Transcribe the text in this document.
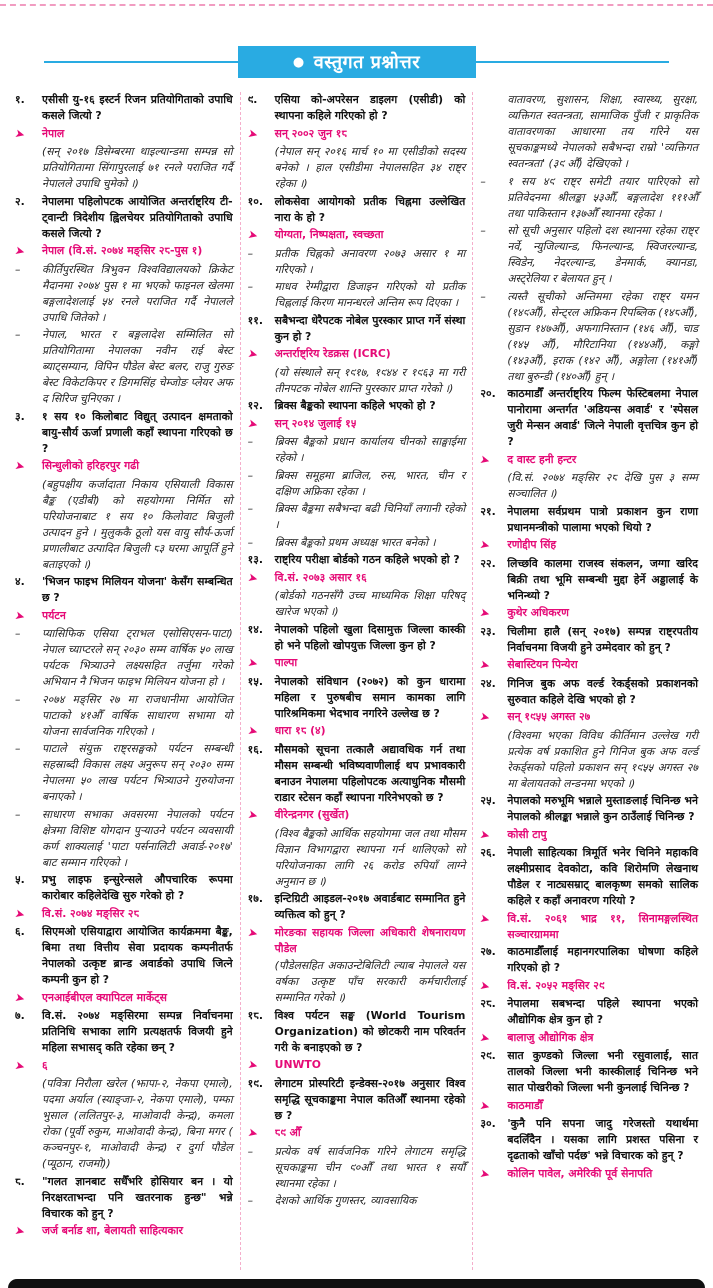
● वस्तुगत प्रश्नोत्तर
१.	एसीसी यु-१६ इस्टर्न रिजन प्रतियोगिताको उपाधि कसले जित्यो ?
➤	नेपाल
(सन् २०१७ डिसेम्बरमा थाइल्यान्डमा सम्पन्न सो प्रतियोगितामा सिंगापुरलाई ७१ रनले पराजित गर्दै नेपालले उपाधि चुमेको ।)
२.	नेपालमा पहिलोपटक आयोजित अन्तर्राष्ट्रिय टी-ट्वान्टी त्रिदेशीय ह्विलचेयर प्रतियोगिताको उपाधि कसले जित्यो ?
➤	नेपाल (वि.सं. २०७४ मङ्सिर २८-पुस १)
–	कीर्तिपुरस्थित त्रिभुवन विश्वविद्यालयको क्रिकेट मैदानमा २०७४ पुस १ मा भएको फाइनल खेलमा बङ्गलादेशलाई ५४ रनले पराजित गर्दै नेपालले उपाधि जितेको ।
–	नेपाल, भारत र बङ्गलादेश सम्मिलित सो प्रतियोगितामा नेपालका नवीन राई बेस्ट ब्याट्सम्यान, विपिन पौडेल बेस्ट बलर, राजु गुरुङ बेस्ट विकेटकिपर र डिगमसिंह चेम्जोङ प्लेयर अफ द सिरिज चुनिएका ।
३.	१ सय १० किलोबाट विद्युत् उत्पादन क्षमताको बायु-सौर्य ऊर्जा प्रणाली कहाँ स्थापना गरिएको छ ?
➤	सिन्धुलीको हरिहरपुर गढी
(बहुपक्षीय कर्जादाता निकाय एसियाली विकास बैङ्क (एडीबी) को सहयोगमा निर्मित सो परियोजनाबाट १ सय १० किलोवाट बिजुली उत्पादन हुने । मुलुककै ठूलो यस वायु सौर्य-ऊर्जा प्रणालीबाट उत्पादित बिजुली ८३ घरमा आपूर्ति हुने बताइएको ।)
४.	'भिजन फाइभ मिलियन योजना' केसँग सम्बन्धित छ ?
➤	पर्यटन
–	प्यासिफिक एसिया ट्राभल एसोसिएसन-पाटा) नेपाल च्याप्टरले सन् २०३० सम्म वार्षिक ५० लाख पर्यटक भित्र्याउने लक्ष्यसहित तर्जुमा गरेको अभियान नै भिजन फाइभ मिलियन योजना हो ।
–	२०७४ मङ्सिर २७ मा राजधानीमा आयोजित पाटाको ४१औँ वार्षिक साधारण सभामा यो योजना सार्वजनिक गरिएको ।
–	पाटाले संयुक्त राष्ट्रसङ्घको पर्यटन सम्बन्धी सहस्राब्दी विकास लक्ष्य अनुरूप सन् २०३० सम्म नेपालमा ५० लाख पर्यटन भित्र्याउने गुरुयोजना बनाएको ।
–	साधारण सभाका अवसरमा नेपालको पर्यटन क्षेत्रमा विशिष्ट योगदान पुर्‍याउने पर्यटन व्यवसायी कर्ण शाक्यलाई 'पाटा पर्सनालिटी अवार्ड-२०१७' बाट सम्मान गरिएको ।
५.	प्रभु लाइफ इन्सुरेन्सले औपचारिक रूपमा कारोबार कहिलेदेखि सुरु गरेको हो ?
➤	वि.सं. २०७४ मङ्सिर २८
६.	सिएमओ एसियाद्वारा आयोजित कार्यक्रममा बैङ्क, बिमा तथा वित्तीय सेवा प्रदायक कम्पनीतर्फ नेपालको उत्कृष्ट ब्रान्ड अवार्डको उपाधि जित्ने कम्पनी कुन हो ?
➤	एनआईबीएल क्यापिटल मार्केट्स
७.	वि.सं. २०७४ मङ्सिरमा सम्पन्न निर्वाचनमा प्रतिनिधि सभाका लागि प्रत्यक्षतर्फ विजयी हुने महिला सभासद् कति रहेका छन् ?
➤	६
(पवित्रा निरौला खरेल (झापा-२, नेकपा एमाले), पदमा अर्याल (स्याङ्जा-२, नेकपा एमाले), पम्फा भुसाल (ललितपुर-३, माओवादी केन्द्र), कमला रोका (पूर्वी रुकुम, माओवादी केन्द्र), बिना मगर ( कञ्चनपुर-१, माओवादी केन्द्र) र दुर्गा पौडेल (प्यूठान, राजमो))
८.	"गलत ज्ञानबाट सधैँभरि होसियार बन । यो निरक्षरताभन्दा पनि खतरनाक हुन्छ" भन्ने विचारक को हुन् ?
➤	जर्ज बर्नाड शा, बेलायती साहित्यकार
९.	एसिया को-अपरेसन डाइलग (एसीडी) को स्थापना कहिले गरिएको हो ?
➤	सन् २००२ जुन १८
(नेपाल सन् २०१६ मार्च १० मा एसीडीको सदस्य बनेको । हाल एसीडीमा नेपालसहित ३४ राष्ट्र रहेका ।)
१०.	लोकसेवा आयोगको प्रतीक चिह्नमा उल्लेखित नारा के हो ?
➤	योग्यता, निष्पक्षता, स्वच्छता
–	प्रतीक चिह्नको अनावरण २०७३ असार १ मा गरिएको ।
–	माधव रेग्मीद्वारा डिजाइन गरिएको यो प्रतीक चिह्नलाई किरण मानन्धरले अन्तिम रूप दिएका ।
११.	सबैभन्दा धेरैपटक नोबेल पुरस्कार प्राप्त गर्ने संस्था कुन हो ?
➤	अन्तर्राष्ट्रिय रेडक्रस (ICRC)
(यो संस्थाले सन् १९१७, १९४४ र १९६३ मा गरी तीनपटक नोबेल शान्ति पुरस्कार प्राप्त गरेको ।)
१२.	ब्रिक्स बैङ्कको स्थापना कहिले भएको हो ?
➤	सन् २०१४ जुलाई १५
–	ब्रिक्स बैङ्कको प्रधान कार्यालय चीनको साङ्घाईमा रहेको ।
–	ब्रिक्स समूहमा ब्राजिल, रुस, भारत, चीन र दक्षिण अफ्रिका रहेका ।
–	ब्रिक्स बैङ्कमा सबैभन्दा बढी चिनियाँ लगानी रहेको ।
–	ब्रिक्स बैङ्कको प्रथम अध्यक्ष भारत बनेको ।
१३.	राष्ट्रिय परीक्षा बोर्डको गठन कहिले भएको हो ?
➤	वि.सं. २०७३ असार १६
(बोर्डको गठनसँगै उच्च माध्यमिक शिक्षा परिषद् खारेज भएको ।)
१४.	नेपालको पहिलो खुला दिसामुक्त जिल्ला कास्की हो भने पहिलो खोपयुक्त जिल्ला कुन हो ?
➤	पाल्पा
१५.	नेपालको संविधान (२०७२) को कुन धारामा महिला र पुरुषबीच समान कामका लागि पारिश्रमिकमा भेदभाव नगरिने उल्लेख छ ?
➤	धारा १८ (४)
१६.	मौसमको सूचना तत्कालै अद्यावधिक गर्न तथा मौसम सम्बन्धी भविष्यवाणीलाई थप प्रभावकारी बनाउन नेपालमा पहिलोपटक अत्याधुनिक मौसमी राडार स्टेसन कहाँ स्थापना गरिनेभएको छ ?
➤	वीरेन्द्रनगर (सुर्खेत)
(विश्व बैङ्कको आर्थिक सहयोगमा जल तथा मौसम विज्ञान विभागद्वारा स्थापना गर्न थालिएको सो परियोजनाका लागि २६ करोड रुपियाँ लाग्ने अनुमान छ ।)
१७.	इन्टिग्रिटी आइडल-२०१७ अवार्डबाट सम्मानित हुने व्यक्तित्व को हुन् ?
➤	मोरङका सहायक जिल्ला अधिकारी शेषनारायण पौडेल
(पौडेलसहित अकाउन्टेबिलिटी ल्याब नेपालले यस वर्षका उत्कृष्ट पाँच सरकारी कर्मचारीलाई सम्मानित गरेको ।)
१८.	विश्व पर्यटन सङ्घ (World Tourism Organization) को छोटकरी नाम परिवर्तन गरी के बनाइएको छ ?
➤	UNWTO
१९.	लेगाटम प्रोस्परिटी इन्डेक्स-२०१७ अनुसार विश्व समृद्धि सूचकाङ्कमा नेपाल कतिऔँ स्थानमा रहेको छ ?
➤	८९ औँ
–	प्रत्येक वर्ष सार्वजनिक गरिने लेगाटम समृद्धि सूचकाङ्कमा चीन ९०औँ तथा भारत १ सयौँ स्थानमा रहेका ।
–	देशको आर्थिक गुणस्तर, व्यावसायिक
वातावरण, सुशासन, शिक्षा, स्वास्थ्य, सुरक्षा, व्यक्तिगत स्वतन्त्रता, सामाजिक पुँजी र प्राकृतिक वातावरणका आधारमा तय गरिने यस सूचकाङ्कमध्ये नेपालको सबैभन्दा राम्रो 'व्यक्तिगत स्वतन्त्रता' (३९ औँ) देखिएको ।
–	१ सय ४९ राष्ट्र समेटी तयार पारिएको सो प्रतिवेदनमा श्रीलङ्का ५३औँ, बङ्गलादेश १११औँ तथा पाकिस्तान १३७औँ स्थानमा रहेका ।
–	सो सूची अनुसार पहिलो दश स्थानमा रहेका राष्ट्र नर्वे, न्युजिल्यान्ड, फिनल्यान्ड, स्विजरल्यान्ड, स्विडेन, नेदरल्यान्ड, डेनमार्क, क्यानडा, अस्ट्रेलिया र बेलायत हुन् ।
–	त्यस्तै सूचीको अन्तिममा रहेका राष्ट्र यमन (१४९औँ), सेन्ट्रल अफ्रिकन रिपब्लिक (१४८औँ), सुडान १४७औँ), अफगानिस्तान (१४६ औँ), चाड (१४५ औँ), मौरिटानिया (१४४औँ), कङ्गो (१४३औँ), इराक (१४२ औँ), अङ्गोला (१४१औँ) तथा बुरुन्डी (१४०औँ) हुन् ।
२०.	काठमाडौँ अन्तर्राष्ट्रिय फिल्म फेस्टिबलमा नेपाल पानोरामा अन्तर्गत 'अडियन्स अवार्ड' र 'स्पेसल जुरी मेन्सन अवार्ड' जित्ने नेपाली वृत्तचित्र कुन हो ?
➤	द वास्ट हनी हन्टर
(वि.सं. २०७४ मङ्सिर २८ देखि पुस ३ सम्म सञ्चालित ।)
२१.	नेपालमा सर्वप्रथम पात्रो प्रकाशन कुन राणा प्रधानमन्त्रीको पालामा भएको थियो ?
➤	रणोद्दीप सिंह
२२.	लिच्छवि कालमा राजस्व संकलन, जग्गा खरिद बिक्री तथा भूमि सम्बन्धी मुद्दा हेर्ने अड्डालाई के भनिन्थ्यो ?
➤	कुथेर अधिकरण
२३.	चिलीमा हालै (सन् २०१७) सम्पन्न राष्ट्रपतीय निर्वाचनमा विजयी हुने उम्मेदवार को हुन् ?
➤	सेबास्टियन पिन्येरा
२४.	गिनिज बुक अफ वर्ल्ड रेकर्ड्सको प्रकाशनको सुरुवात कहिले देखि भएको हो ?
➤	सन् १९५५ अगस्त २७
(विश्वमा भएका विविध कीर्तिमान उल्लेख गरी प्रत्येक वर्ष प्रकाशित हुने गिनिज बुक अफ वर्ल्ड रेकर्ड्सको पहिलो प्रकाशन सन् १९५५ अगस्त २७ मा बेलायतको लन्डनमा भएको ।)
२५.	नेपालको मरुभूमि भन्नाले मुस्ताङलाई चिनिन्छ भने नेपालको श्रीलङ्का भन्नाले कुन ठाउँलाई चिनिन्छ ?
➤	कोसी टापु
२६.	नेपाली साहित्यका त्रिमूर्ति भनेर चिनिने महाकवि लक्ष्मीप्रसाद देवकोटा, कवि शिरोमणि लेखनाथ पौडेल र नाट्यसम्राट् बालकृष्ण समको सालिक कहिले र कहाँ अनावरण गरियो ?
➤	वि.सं. २०६१ भाद्र ११, सिनामङ्गलस्थित सञ्चारग्राममा
२७.	काठमाडौँलाई महानगरपालिका घोषणा कहिले गरिएको हो ?
➤	वि.सं. २०५२ मङ्सिर २९
२८.	नेपालमा सबभन्दा पहिले स्थापना भएको औद्योगिक क्षेत्र कुन हो ?
➤	बालाजु औद्योगिक क्षेत्र
२९.	सात कुण्डको जिल्ला भनी रसुवालाई, सात तालको जिल्ला भनी कास्कीलाई चिनिन्छ भने सात पोखरीको जिल्ला भनी कुनलाई चिनिन्छ ?
➤	काठमाडौँ
३०.	'कुनै पनि सपना जादु गरेजस्तो यथार्थमा बदलिँदैन । यसका लागि प्रशस्त पसिना र दृढताको खाँचो पर्दछ' भन्ने विचारक को हुन् ?
➤	कोलिन पावेल, अमेरिकी पूर्व सेनापति
